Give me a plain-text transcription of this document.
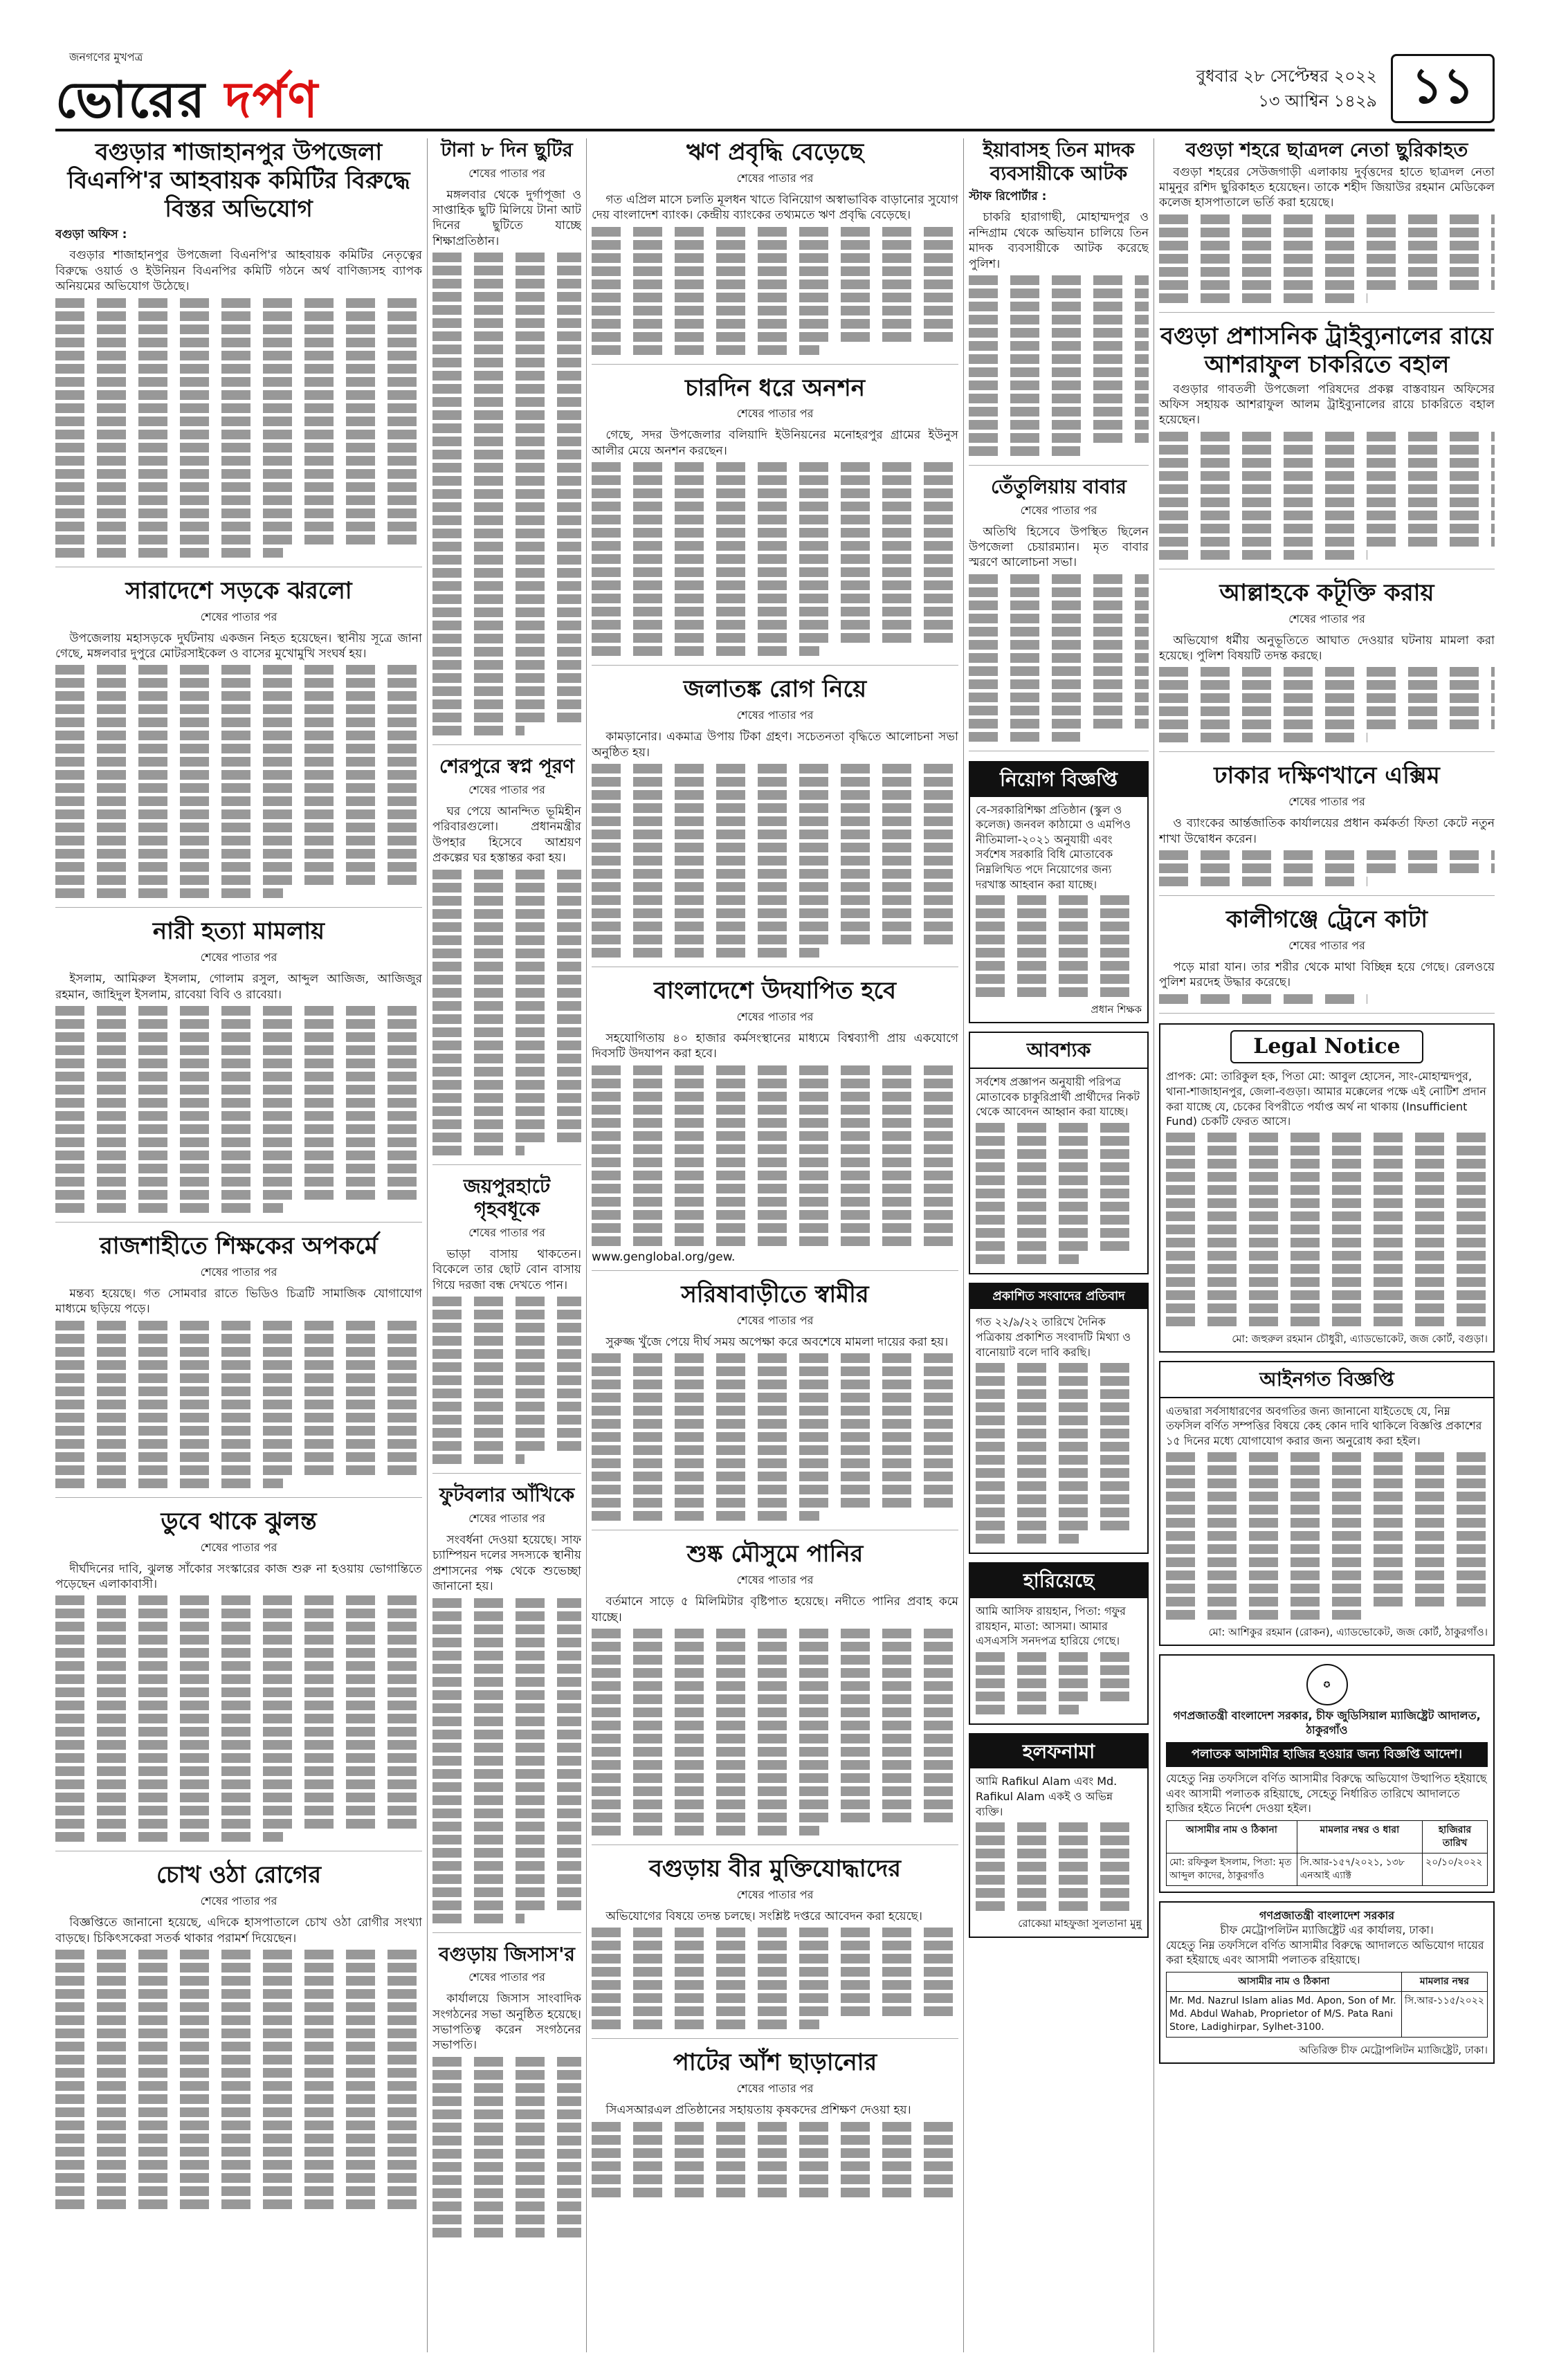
জনগণের মুখপত্র
ভোরের দর্পণ	বুধবার ২৮ সেপ্টেম্বর ২০২২
১৩ আশ্বিন ১৪২৯ ১১
বগুড়ার শাজাহানপুর উপজেলা বিএনপি'র আহবায়ক কমিটির বিরুদ্ধে বিস্তর অভিযোগ
বগুড়া অফিস :

বগুড়ার শাজাহানপুর উপজেলা বিএনপি'র আহবায়ক কমিটির নেতৃত্বের বিরুদ্ধে ওয়ার্ড ও ইউনিয়ন বিএনপির কমিটি গঠনে অর্থ বাণিজ্যসহ ব্যাপক অনিয়মের অভিযোগ উঠেছে।

সারাদেশে সড়কে ঝরলো
শেষের পাতার পর

উপজেলায় মহাসড়কে দুর্ঘটনায় একজন নিহত হয়েছেন। স্থানীয় সূত্রে জানা গেছে, মঙ্গলবার দুপুরে মোটরসাইকেল ও বাসের মুখোমুখি সংঘর্ষ হয়।

নারী হত্যা মামলায়
শেষের পাতার পর

ইসলাম, আমিরুল ইসলাম, গোলাম রসুল, আব্দুল আজিজ, আজিজুর রহমান, জাহিদুল ইসলাম, রাবেয়া বিবি ও রাবেয়া।

রাজশাহীতে শিক্ষকের অপকর্মে
শেষের পাতার পর

মন্তব্য হয়েছে। গত সোমবার রাতে ভিডিও চিত্রটি সামাজিক যোগাযোগ মাধ্যমে ছড়িয়ে পড়ে।

ডুবে থাকে ঝুলন্ত
শেষের পাতার পর

দীর্ঘদিনের দাবি, ঝুলন্ত সাঁকোর সংস্কারের কাজ শুরু না হওয়ায় ভোগান্তিতে পড়েছেন এলাকাবাসী।

চোখ ওঠা রোগের
শেষের পাতার পর

বিজ্ঞপ্তিতে জানানো হয়েছে, এদিকে হাসপাতালে চোখ ওঠা রোগীর সংখ্যা বাড়ছে। চিকিৎসকেরা সতর্ক থাকার পরামর্শ দিয়েছেন।

টানা ৮ দিন ছুটির
শেষের পাতার পর

মঙ্গলবার থেকে দুর্গাপূজা ও সাপ্তাহিক ছুটি মিলিয়ে টানা আট দিনের ছুটিতে যাচ্ছে শিক্ষাপ্রতিষ্ঠান।

শেরপুরে স্বপ্ন পূরণ
শেষের পাতার পর

ঘর পেয়ে আনন্দিত ভূমিহীন পরিবারগুলো। প্রধানমন্ত্রীর উপহার হিসেবে আশ্রয়ণ প্রকল্পের ঘর হস্তান্তর করা হয়।

জয়পুরহাটে গৃহবধূকে
শেষের পাতার পর

ভাড়া বাসায় থাকতেন। বিকেলে তার ছোট বোন বাসায় গিয়ে দরজা বন্ধ দেখতে পান।

ফুটবলার আঁখিকে
শেষের পাতার পর

সংবর্ধনা দেওয়া হয়েছে। সাফ চ্যাম্পিয়ন দলের সদস্যকে স্থানীয় প্রশাসনের পক্ষ থেকে শুভেচ্ছা জানানো হয়।

বগুড়ায় জিসাস'র
শেষের পাতার পর

কার্যালয়ে জিসাস সাংবাদিক সংগঠনের সভা অনুষ্ঠিত হয়েছে। সভাপতিত্ব করেন সংগঠনের সভাপতি।

ঋণ প্রবৃদ্ধি বেড়েছে
শেষের পাতার পর

গত এপ্রিল মাসে চলতি মূলধন খাতে বিনিয়োগ অস্বাভাবিক বাড়ানোর সুযোগ দেয় বাংলাদেশ ব্যাংক। কেন্দ্রীয় ব্যাংকের তথ্যমতে ঋণ প্রবৃদ্ধি বেড়েছে।

চারদিন ধরে অনশন
শেষের পাতার পর

গেছে, সদর উপজেলার বলিয়াদি ইউনিয়নের মনোহরপুর গ্রামের ইউনুস আলীর মেয়ে অনশন করছেন।

জলাতঙ্ক রোগ নিয়ে
শেষের পাতার পর

কামড়ানোর। একমাত্র উপায় টিকা গ্রহণ। সচেতনতা বৃদ্ধিতে আলোচনা সভা অনুষ্ঠিত হয়।

বাংলাদেশে উদযাপিত হবে
শেষের পাতার পর

সহযোগিতায় ৪০ হাজার কর্মসংস্থানের মাধ্যমে বিশ্বব্যাপী প্রায় একযোগে দিবসটি উদযাপন করা হবে।

www.genglobal.org/gew.
সরিষাবাড়ীতে স্বামীর
শেষের পাতার পর

সুরুজ্জ খুঁজে পেয়ে দীর্ঘ সময় অপেক্ষা করে অবশেষে মামলা দায়ের করা হয়।

শুষ্ক মৌসুমে পানির
শেষের পাতার পর

বর্তমানে সাড়ে ৫ মিলিমিটার বৃষ্টিপাত হয়েছে। নদীতে পানির প্রবাহ কমে যাচ্ছে।

বগুড়ায় বীর মুক্তিযোদ্ধাদের
শেষের পাতার পর

অভিযোগের বিষয়ে তদন্ত চলছে। সংশ্লিষ্ট দপ্তরে আবেদন করা হয়েছে।

পাটের আঁশ ছাড়ানোর
শেষের পাতার পর

সিএসআরএল প্রতিষ্ঠানের সহায়তায় কৃষকদের প্রশিক্ষণ দেওয়া হয়।

ইয়াবাসহ তিন মাদক ব্যবসায়ীকে আটক
স্টাফ রিপোর্টার :

চাকরি হারাগাছী, মোহাম্মদপুর ও নন্দিগ্রাম থেকে অভিযান চালিয়ে তিন মাদক ব্যবসায়ীকে আটক করেছে পুলিশ।

তেঁতুলিয়ায় বাবার
শেষের পাতার পর

অতিথি হিসেবে উপস্থিত ছিলেন উপজেলা চেয়ারম্যান। মৃত বাবার স্মরণে আলোচনা সভা।

নিয়োগ বিজ্ঞপ্তি

বে-সরকারিশিক্ষা প্রতিষ্ঠান (স্কুল ও কলেজ) জনবল কাঠামো ও এমপিও নীতিমালা-২০২১ অনুযায়ী এবং সর্বশেষ সরকারি বিধি মোতাবেক নিম্নলিখিত পদে নিয়োগের জন্য দরখাস্ত আহবান করা যাচ্ছে।

প্রধান শিক্ষক
আবশ্যক

সর্বশেষ প্রজ্ঞাপন অনুযায়ী পরিপত্র মোতাবেক চাকুরিপ্রার্থী প্রার্থীদের নিকট থেকে আবেদন আহ্বান করা যাচ্ছে।

প্রকাশিত সংবাদের প্রতিবাদ

গত ২২/৯/২২ তারিখে দৈনিক পত্রিকায় প্রকাশিত সংবাদটি মিথ্যা ও বানোয়াট বলে দাবি করছি।

হারিয়েছে

আমি আসিফ রায়হান, পিতা: গফুর রায়হান, মাতা: আসমা। আমার এসএসসি সনদপত্র হারিয়ে গেছে।

হলফনামা

আমি Rafikul Alam এবং Md. Rafikul Alam একই ও অভিন্ন ব্যক্তি।

রোকেয়া মাহফুজা সুলতানা মুন্নু
বগুড়া শহরে ছাত্রদল নেতা ছুরিকাহত

বগুড়া শহরের সেউজগাড়ী এলাকায় দুর্বৃত্তদের হাতে ছাত্রদল নেতা মামুনুর রশিদ ছুরিকাহত হয়েছেন। তাকে শহীদ জিয়াউর রহমান মেডিকেল কলেজ হাসপাতালে ভর্তি করা হয়েছে।

বগুড়া প্রশাসনিক ট্রাইব্যুনালের রায়ে আশরাফুল চাকরিতে বহাল

বগুড়ার গাবতলী উপজেলা পরিষদের প্রকল্প বাস্তবায়ন অফিসের অফিস সহায়ক আশরাফুল আলম ট্রাইব্যুনালের রায়ে চাকরিতে বহাল হয়েছেন।

আল্লাহকে কটূক্তি করায়
শেষের পাতার পর

অভিযোগ ধর্মীয় অনুভূতিতে আঘাত দেওয়ার ঘটনায় মামলা করা হয়েছে। পুলিশ বিষয়টি তদন্ত করছে।

ঢাকার দক্ষিণখানে এক্সিম
শেষের পাতার পর

ও ব্যাংকের আর্ন্তজাতিক কার্যালয়ের প্রধান কর্মকর্তা ফিতা কেটে নতুন শাখা উদ্বোধন করেন।

কালীগঞ্জে ট্রেনে কাটা
শেষের পাতার পর

পড়ে মারা যান। তার শরীর থেকে মাথা বিচ্ছিন্ন হয়ে গেছে। রেলওয়ে পুলিশ মরদেহ উদ্ধার করেছে।

Legal Notice

প্রাপক: মো: তারিকুল হক, পিতা মো: আবুল হোসেন, সাং-মোহাম্মদপুর, থানা-শাজাহানপুর, জেলা-বগুড়া। আমার মক্কেলের পক্ষে এই নোটিশ প্রদান করা যাচ্ছে যে, চেকের বিপরীতে পর্যাপ্ত অর্থ না থাকায় (Insufficient Fund) চেকটি ফেরত আসে।

মো: জহুরুল রহমান চৌধুরী, এ্যাডভোকেট, জজ কোর্ট, বগুড়া।
আইনগত বিজ্ঞপ্তি

এতদ্বারা সর্বসাধারণের অবগতির জন্য জানানো যাইতেছে যে, নিম্ন তফসিল বর্ণিত সম্পত্তির বিষয়ে কেহ কোন দাবি থাকিলে বিজ্ঞপ্তি প্রকাশের ১৫ দিনের মধ্যে যোগাযোগ করার জন্য অনুরোধ করা হইল।

মো: আশিকুর রহমান (রোকন), এ্যাডভোকেট, জজ কোর্ট, ঠাকুরগাঁও।
✪
গণপ্রজাতন্ত্রী বাংলাদেশ সরকার, চীফ জুডিসিয়াল ম্যাজিষ্ট্রেট আদালত, ঠাকুরগাঁও
পলাতক আসামীর হাজির হওয়ার জন্য বিজ্ঞপ্তি আদেশ।

যেহেতু নিম্ন তফসিলে বর্ণিত আসামীর বিরুদ্ধে অভিযোগ উত্থাপিত হইয়াছে এবং আসামী পলাতক রহিয়াছে, সেহেতু নির্ধারিত তারিখে আদালতে হাজির হইতে নির্দেশ দেওয়া হইল।

আসামীর নাম ও ঠিকানা	মামলার নম্বর ও ধারা	হাজিরার তারিখ
মো: রফিকুল ইসলাম, পিতা: মৃত আব্দুল কাদের, ঠাকুরগাঁও	সি.আর-১৫৭/২০২১, ১৩৮ এনআই এ্যাক্ট	২০/১০/২০২২
গণপ্রজাতন্ত্রী বাংলাদেশ সরকার
চীফ মেট্রোপলিটন ম্যাজিষ্ট্রেট এর কার্যালয়, ঢাকা।

যেহেতু নিম্ন তফসিলে বর্ণিত আসামীর বিরুদ্ধে আদালতে অভিযোগ দায়ের করা হইয়াছে এবং আসামী পলাতক রহিয়াছে।

আসামীর নাম ও ঠিকানা	মামলার নম্বর
Mr. Md. Nazrul Islam alias Md. Apon, Son of Mr. Md. Abdul Wahab, Proprietor of M/S. Pata Rani Store, Ladighirpar, Sylhet-3100.	সি.আর-১১৫/২০২২
অতিরিক্ত চীফ মেট্রোপলিটন ম্যাজিষ্ট্রেট, ঢাকা।
